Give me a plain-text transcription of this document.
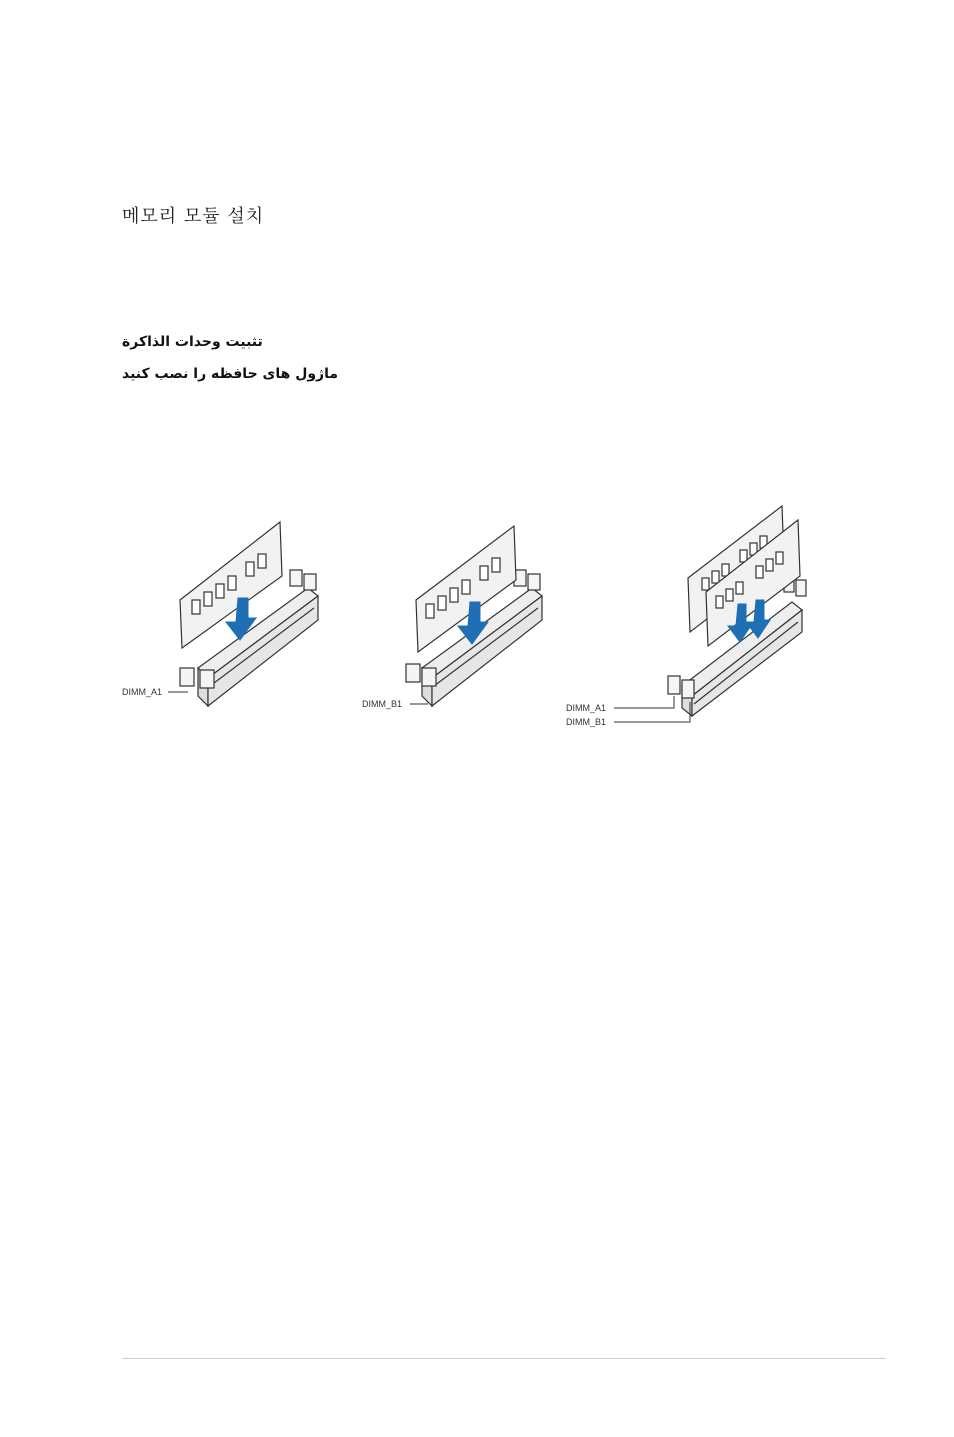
메모리 모듈 설치
تثبيت وحدات الذاكرة
ماژول های حافظه را نصب کنید
DIMM_A1
DIMM_B1	DIMM_A1
DIMM_B1
